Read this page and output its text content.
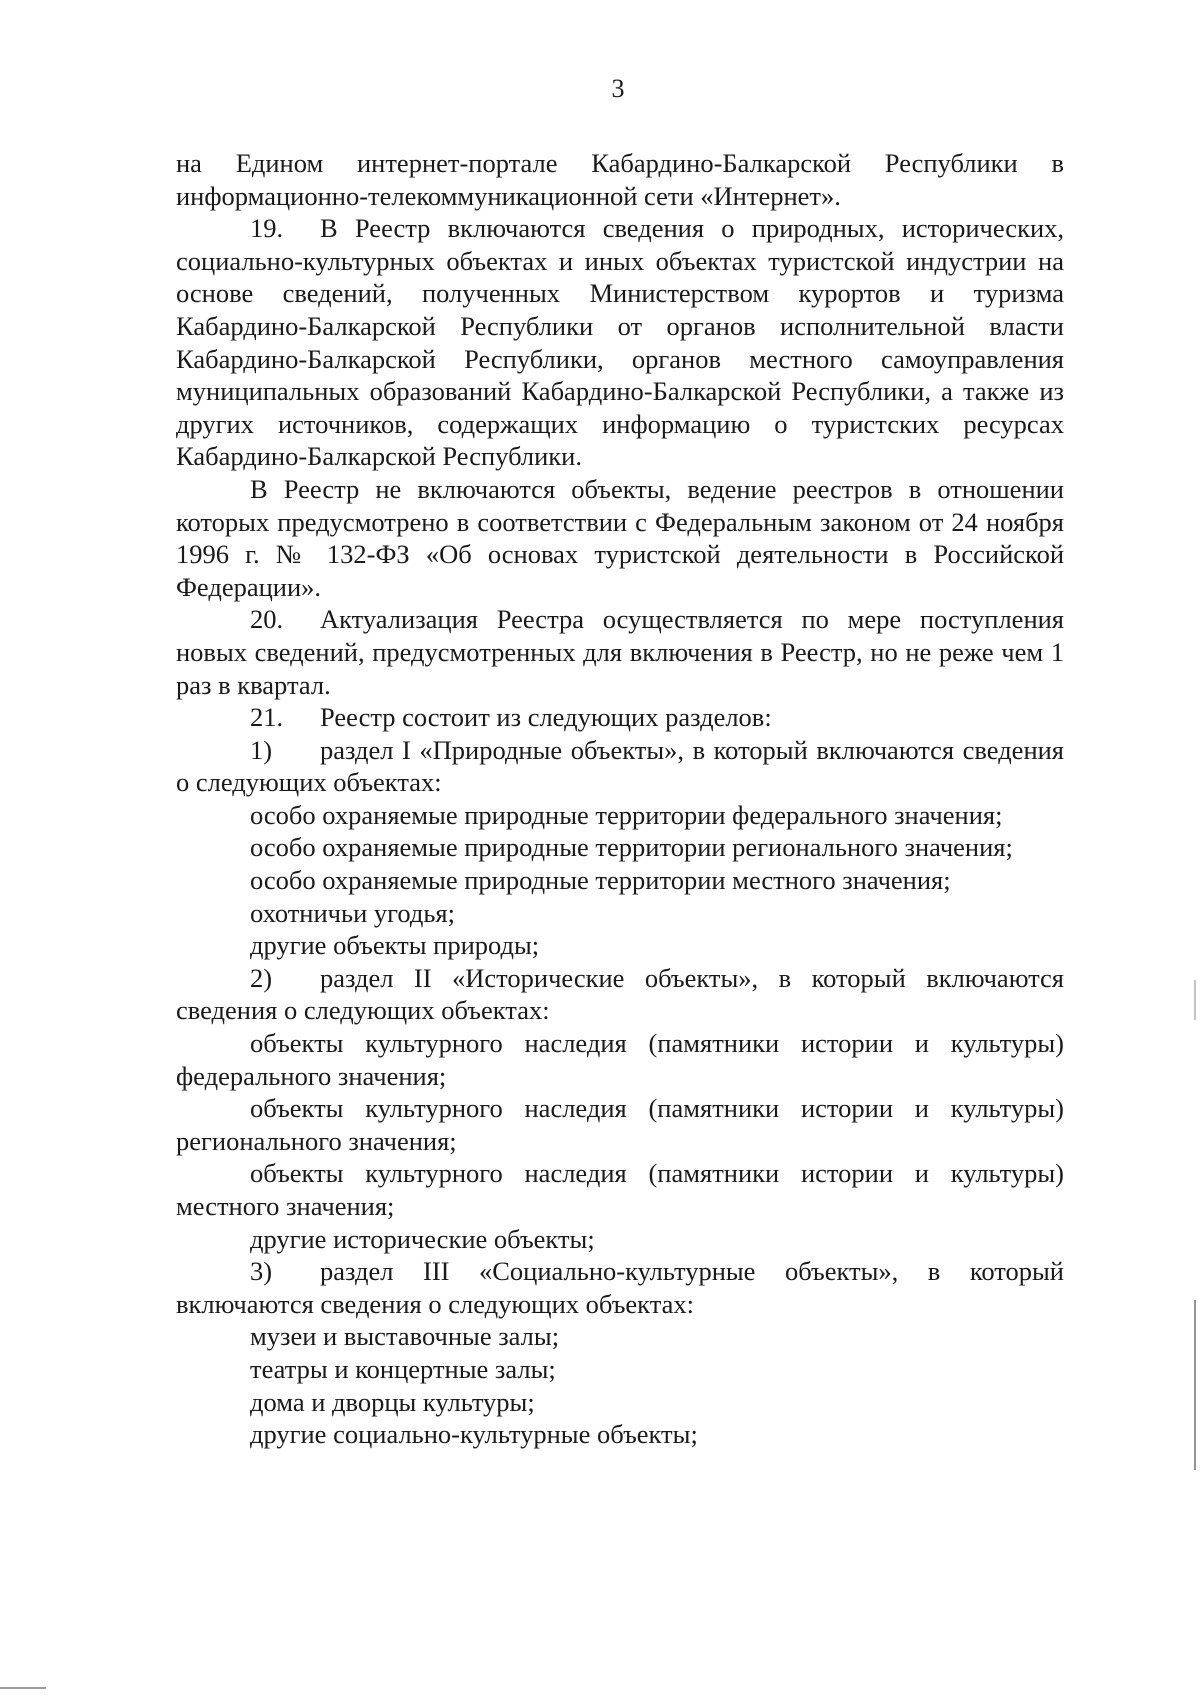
3

на Едином интернет-портале Кабардино-Балкарской Республики в информационно-телекоммуникационной сети «Интернет».

19. В Реестр включаются сведения о природных, исторических, социально-культурных объектах и иных объектах туристской индустрии на основе сведений, полученных Министерством курортов и туризма Кабардино-Балкарской Республики от органов исполнительной власти Кабардино-Балкарской Республики, органов местного самоуправления муниципальных образований Кабардино-Балкарской Республики, а также из других источников, содержащих информацию о туристских ресурсах Кабардино-Балкарской Республики.

В Реестр не включаются объекты, ведение реестров в отношении которых предусмотрено в соответствии с Федеральным законом от 24 ноября 1996 г. № 132-ФЗ «Об основах туристской деятельности в Российской Федерации».

20. Актуализация Реестра осуществляется по мере поступления новых сведений, предусмотренных для включения в Реестр, но не реже чем 1 раз в квартал.

21. Реестр состоит из следующих разделов:

1) раздел I «Природные объекты», в который включаются сведения о следующих объектах:

особо охраняемые природные территории федерального значения;

особо охраняемые природные территории регионального значения;

особо охраняемые природные территории местного значения;

охотничьи угодья;

другие объекты природы;

2) раздел II «Исторические объекты», в который включаются сведения о следующих объектах:

объекты культурного наследия (памятники истории и культуры) федерального значения;

объекты культурного наследия (памятники истории и культуры) регионального значения;

объекты культурного наследия (памятники истории и культуры) местного значения;

другие исторические объекты;

3) раздел III «Социально-культурные объекты», в который включаются сведения о следующих объектах:

музеи и выставочные залы;

театры и концертные залы;

дома и дворцы культуры;

другие социально-культурные объекты;
